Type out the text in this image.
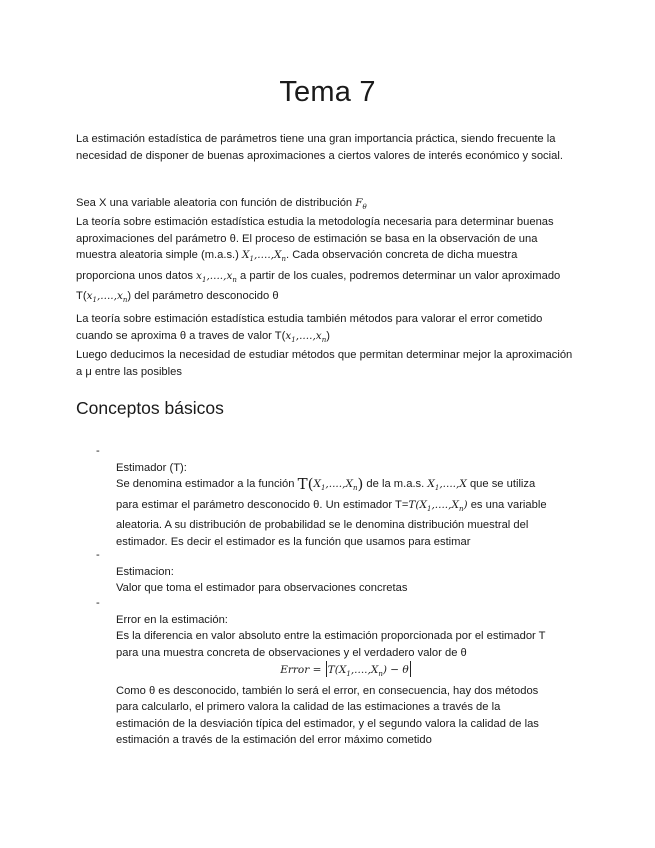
Tema 7
La estimación estadística de parámetros tiene una gran importancia práctica, siendo frecuente la necesidad de disponer de buenas aproximaciones a ciertos valores de interés económico y social.
Sea X una variable aleatoria con función de distribución $F_\theta$
La teoría sobre estimación estadística estudia la metodología necesaria para determinar buenas aproximaciones del parámetro θ. El proceso de estimación se basa en la observación de una muestra aleatoria simple (m.a.s.) $X_1,....,X_n$. Cada observación concreta de dicha muestra proporciona unos datos $x_1,....,x_n$ a partir de los cuales, podremos determinar un valor aproximado $T(x_1,....,x_n)$ del parámetro desconocido θ
La teoría sobre estimación estadística estudia también métodos para valorar el error cometido cuando se aproxima θ a traves de valor $T(x_1,....,x_n)$
Luego deducimos la necesidad de estudiar métodos que permitan determinar mejor la aproximación a μ entre las posibles
Conceptos básicos
-
Estimador (T):
Se denomina estimador a la función $T(X_1,....,X_n)$ de la m.a.s. $X_1,....,X$ que se utiliza para estimar el parámetro desconocido θ. Un estimador $T=T(X_1,....,X_n)$ es una variable aleatoria. A su distribución de probabilidad se le denomina distribución muestral del estimador. Es decir el estimador es la función que usamos para estimar
-
Estimacion:
Valor que toma el estimador para observaciones concretas
-
Error en la estimación:
Es la diferencia en valor absoluto entre la estimación proporcionada por el estimador T para una muestra concreta de observaciones y el verdadero valor de θ
Error = $T(X_1,....,X_n) - \theta$
Como θ es desconocido, también lo será el error, en consecuencia, hay dos métodos para calcularlo, el primero valora la calidad de las estimaciones a través de la estimación de la desviación típica del estimador, y el segundo valora la calidad de las estimación a través de la estimación del error máximo cometido
